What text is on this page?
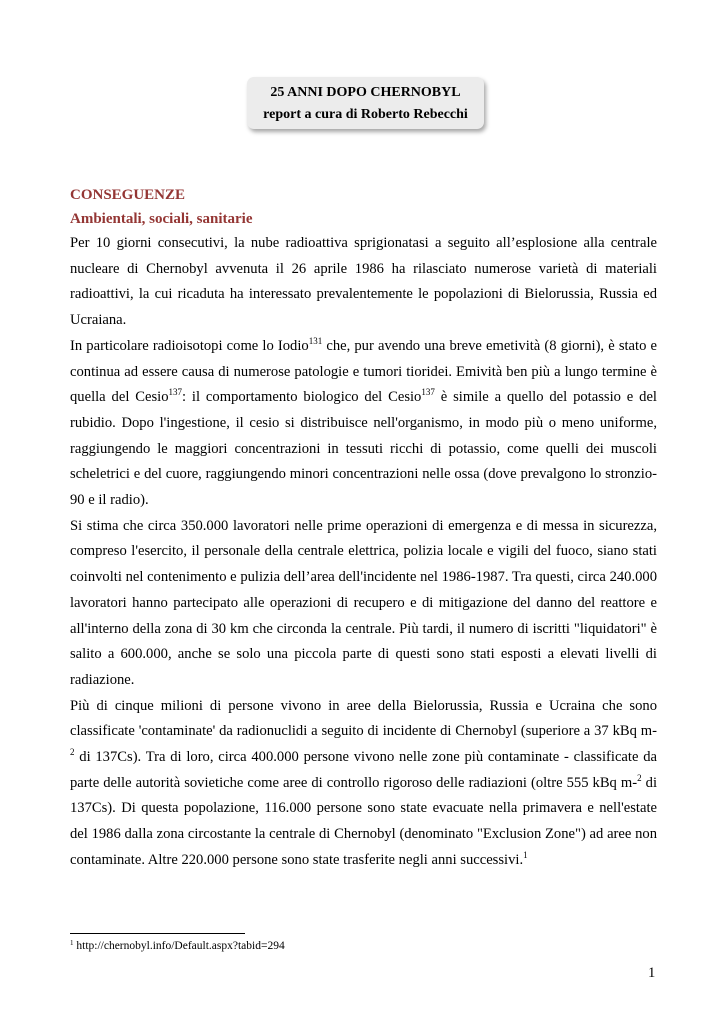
25 ANNI DOPO CHERNOBYL
report a cura di Roberto Rebecchi

CONSEGUENZE

Ambientali, sociali, sanitarie

Per 10 giorni consecutivi, la nube radioattiva sprigionatasi a seguito all’esplosione alla centrale nucleare di Chernobyl avvenuta il 26 aprile 1986 ha rilasciato numerose varietà di materiali radioattivi, la cui ricaduta ha interessato prevalentemente le popolazioni di Bielorussia, Russia ed Ucraiana.

In particolare radioisotopi come lo Iodio$^{131}$ che, pur avendo una breve emetività (8 giorni), è stato e continua ad essere causa di numerose patologie e tumori tioridei. Emività ben più a lungo termine è quella del Cesio$^{137}$: il comportamento biologico del Cesio$^{137}$ è simile a quello del potassio e del rubidio. Dopo l'ingestione, il cesio si distribuisce nell'organismo, in modo più o meno uniforme, raggiungendo le maggiori concentrazioni in tessuti ricchi di potassio, come quelli dei muscoli scheletrici e del cuore, raggiungendo minori concentrazioni nelle ossa (dove prevalgono lo stronzio-90 e il radio).

Si stima che circa 350.000 lavoratori nelle prime operazioni di emergenza e di messa in sicurezza, compreso l'esercito, il personale della centrale elettrica, polizia locale e vigili del fuoco, siano stati coinvolti nel contenimento e pulizia dell’area dell'incidente nel 1986-1987. Tra questi, circa 240.000 lavoratori hanno partecipato alle operazioni di recupero e di mitigazione del danno del reattore e all'interno della zona di 30 km che circonda la centrale. Più tardi, il numero di iscritti "liquidatori" è salito a 600.000, anche se solo una piccola parte di questi sono stati esposti a elevati livelli di radiazione.

Più di cinque milioni di persone vivono in aree della Bielorussia, Russia e Ucraina che sono classificate 'contaminate' da radionuclidi a seguito di incidente di Chernobyl (superiore a 37 kBq m-$^2$ di 137Cs). Tra di loro, circa 400.000 persone vivono nelle zone più contaminate - classificate da parte delle autorità sovietiche come aree di controllo rigoroso delle radiazioni (oltre 555 kBq m-$^2$ di 137Cs). Di questa popolazione, 116.000 persone sono state evacuate nella primavera e nell'estate del 1986 dalla zona circostante la centrale di Chernobyl (denominato "Exclusion Zone") ad aree non contaminate. Altre 220.000 persone sono state trasferite negli anni successivi.$^1$

$^1$ http://chernobyl.info/Default.aspx?tabid=294
1
